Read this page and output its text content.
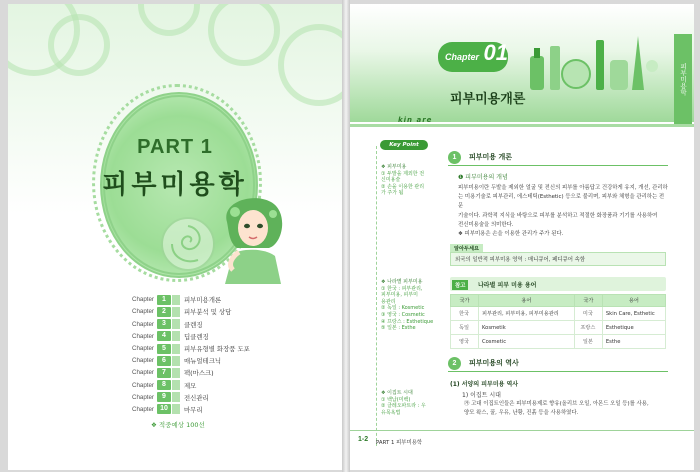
PART 1
피부미용학
Chapter	1	피부미용개론
Chapter	2	피부분석 및 상담
Chapter	3	클렌징
Chapter	4	딥클렌징
Chapter	5	피부유형별 화장품 도포
Chapter	6	매뉴얼테크닉
Chapter	7	팩(마스크)
Chapter	8	제모
Chapter	9	전신관리
Chapter 10	마무리
❖ 적중예상 100선
Chapter 01
피부미용개론
피부미용학
kin are
Key Point
❖ 피부미용
① 두발을 제외한 전
신미용술
② 손을 이용한 관리
가 주가 됨
❖ 나라별 피부미용
① 한국 : 피부관리,
피부미용, 피부미
용관리
② 독일 : Kosmetic
③ 영국 : Cosmetic
④ 프랑스 : Esthetique
⑤ 일본 : Esthe
❖ 이집트 시대
① 백납(미백)
② 클레오파트라 : 우
유목욕법
1	피부미용 개론
❶ 피부미용의 개념
피부미용이란 두발을 제외한 얼굴 및 전신의 피부를 아름답고 건강하게 유지, 개선, 관리하
는 미용기술로 피부관리, 에스테틱(Esthetic) 등으로 불리며, 피부와 체형을 관리하는 전문
기술이다. 과학적 지식을 바탕으로 피부를 분석하고 적절한 화장품과 기기를 사용하여
전신미용술을 의미한다.
❖ 피부미용은 손을 이용한 관리가 주가 된다.
알아두세요
외국의 일반적 피부미용 영역 : 매니큐어, 페디큐어 속함
참고	나라별 피부 미용 용어
국가	용어	국가	용어
한국	피부관리, 피부미용, 피부미용관리	미국	Skin Care, Esthetic
독일	Kosmetik	프랑스	Esthetique
영국	Cosmetic	일본	Esthe
2	피부미용의 역사
(1) 서양의 피부미용 역사
1) 이집트 시대
㉮ 고대 이집트인들은 피부미용제로 향유(올리브 오일, 아몬드 오일 등)를 사용,
양모 왁스, 꿀, 우유, 난황, 진흙 등을 사용하였다.
1-2 PART 1 피부미용학
